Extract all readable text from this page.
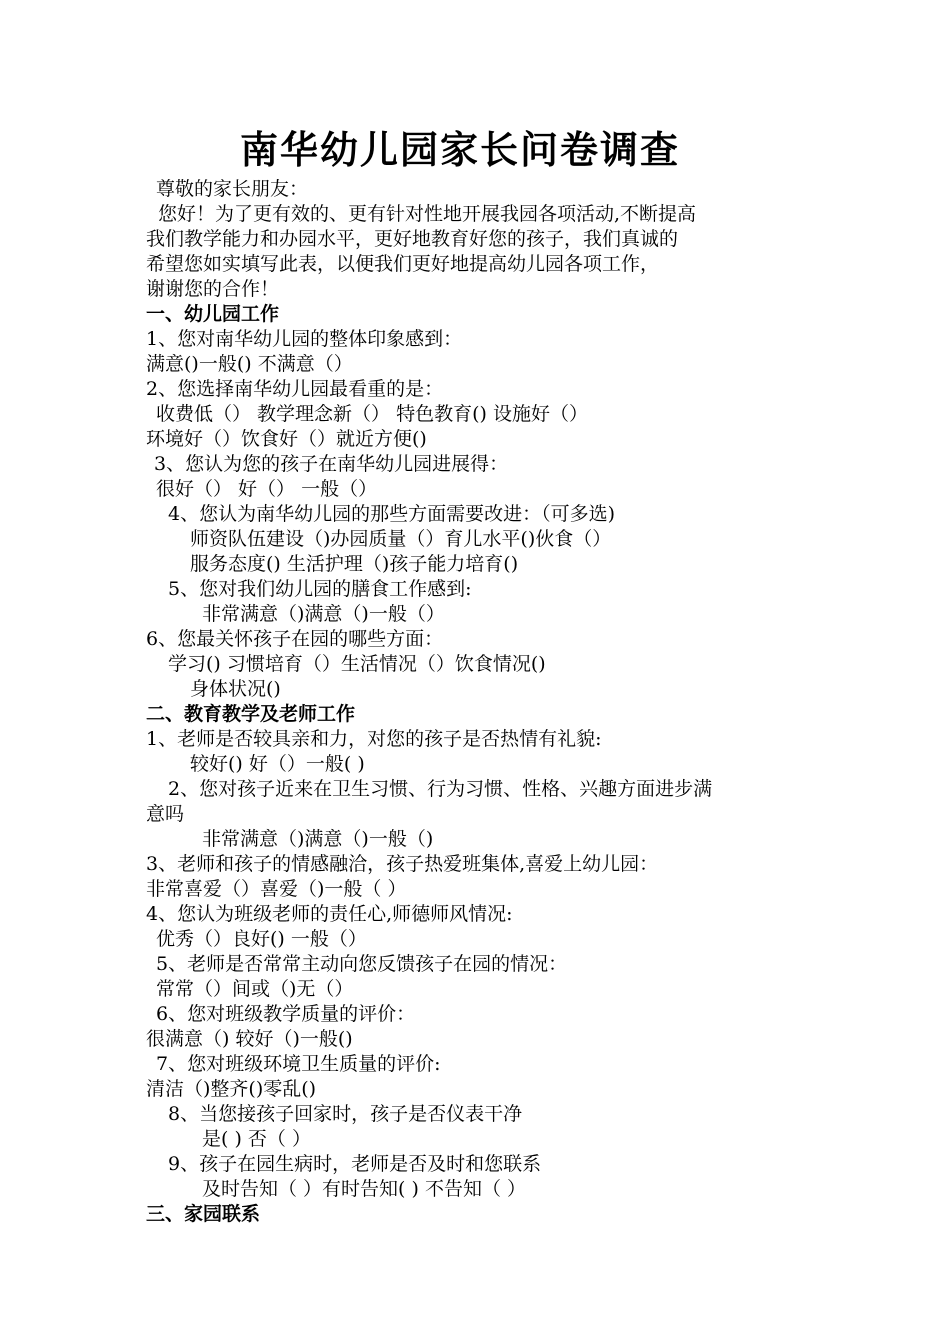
南华幼儿园家长问卷调查
尊敬的家长朋友：
您好！为了更有效的、更有针对性地开展我园各项活动,不断提高
我们教学能力和办园水平，更好地教育好您的孩子，我们真诚的
希望您如实填写此表，以便我们更好地提高幼儿园各项工作，
谢谢您的合作！
一、幼儿园工作
1、您对南华幼儿园的整体印象感到：
满意()一般() 不满意（）
2、您选择南华幼儿园最看重的是：
收费低（） 教学理念新（） 特色教育() 设施好（）
环境好（）饮食好（）就近方便()
3、您认为您的孩子在南华幼儿园进展得：
很好（） 好（） 一般（）
4、您认为南华幼儿园的那些方面需要改进：（可多选)
师资队伍建设（)办园质量（）育儿水平()伙食（）
服务态度() 生活护理（)孩子能力培育()
5、您对我们幼儿园的膳食工作感到:
非常满意（)满意（)一般（）
6、您最关怀孩子在园的哪些方面：
学习() 习惯培育（）生活情况（）饮食情况()
身体状况()
二、教育教学及老师工作
1、老师是否较具亲和力，对您的孩子是否热情有礼貌:
较好() 好（）一般( )
2、您对孩子近来在卫生习惯、行为习惯、性格、兴趣方面进步满
意吗
非常满意（)满意（)一般（)
3、老师和孩子的情感融洽，孩子热爱班集体,喜爱上幼儿园：
非常喜爱（）喜爱（)一般（ ）
4、您认为班级老师的责任心,师德师风情况:
优秀（）良好() 一般（）
5、老师是否常常主动向您反馈孩子在园的情况：
常常（）间或（)无（）
6、您对班级教学质量的评价：
很满意（) 较好（)一般()
7、您对班级环境卫生质量的评价:
清洁（)整齐()零乱()
8、当您接孩子回家时，孩子是否仪表干净
是( ) 否（ ）
9、孩子在园生病时，老师是否及时和您联系
及时告知（ ）有时告知( ) 不告知（ ）
三、家园联系
